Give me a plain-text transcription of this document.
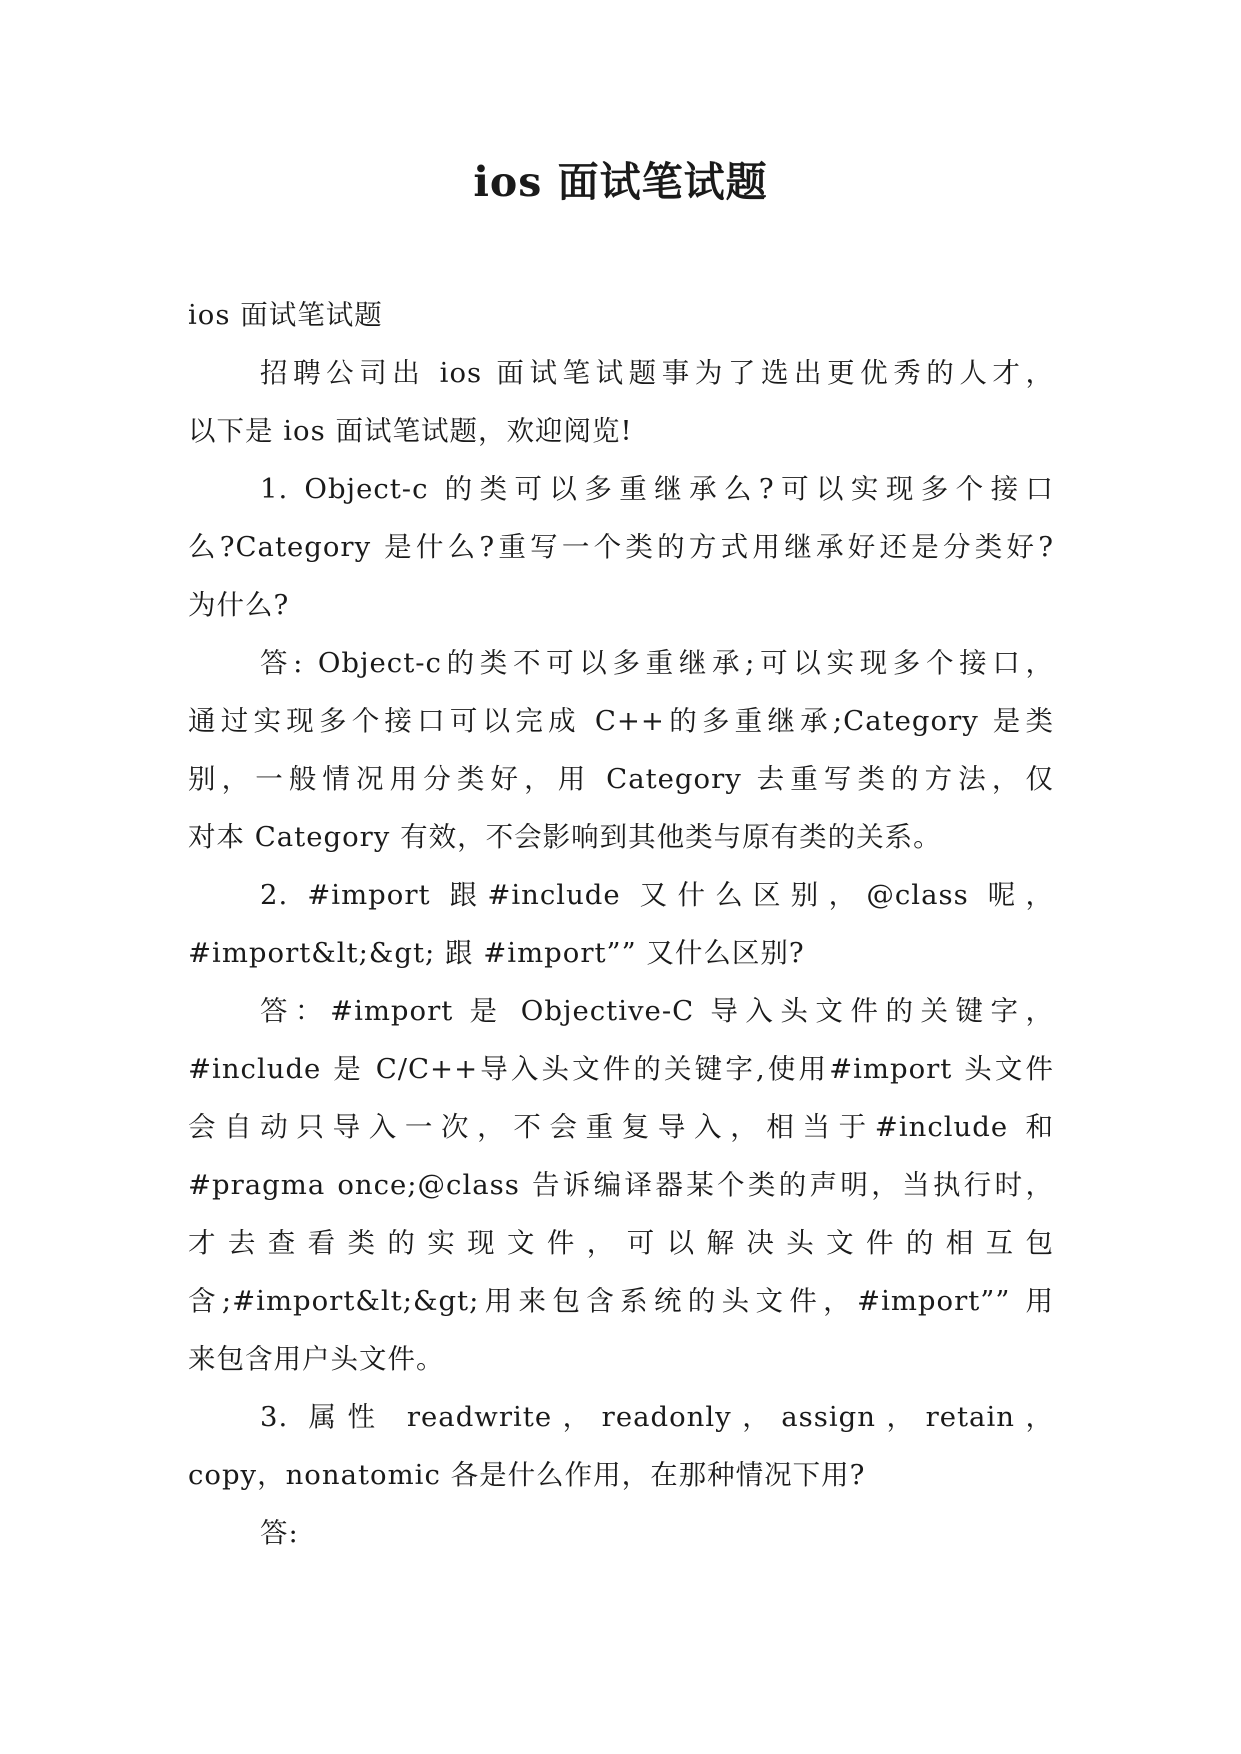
ios 面试笔试题
ios 面试笔试题
招聘公司出 ios 面试笔试题事为了选出更优秀的人才，
以下是 ios 面试笔试题，欢迎阅览!
1. Object-c 的类可以多重继承么?可以实现多个接口
么?Category 是什么?重写一个类的方式用继承好还是分类好?
为什么?
答: Object-c的类不可以多重继承;可以实现多个接口，
通过实现多个接口可以完成 C++的多重继承;Category 是类
别，一般情况用分类好，用 Category 去重写类的方法，仅
对本 Category 有效，不会影响到其他类与原有类的关系。
2. #import 跟#include 又什么区别，@class 呢，
#import&lt;&gt; 跟 #import”” 又什么区别?
答：#import 是 Objective-C 导入头文件的关键字，
#include 是 C/C++导入头文件的关键字,使用#import 头文件
会自动只导入一次，不会重复导入，相当于#include 和
#pragma once;@class 告诉编译器某个类的声明，当执行时，
才去查看类的实现文件，可以解决头文件的相互包
含;#import&lt;&gt;用来包含系统的头文件，#import”” 用
来包含用户头文件。
3. 属性 readwrite，readonly，assign，retain，
copy，nonatomic 各是什么作用，在那种情况下用?
答:
